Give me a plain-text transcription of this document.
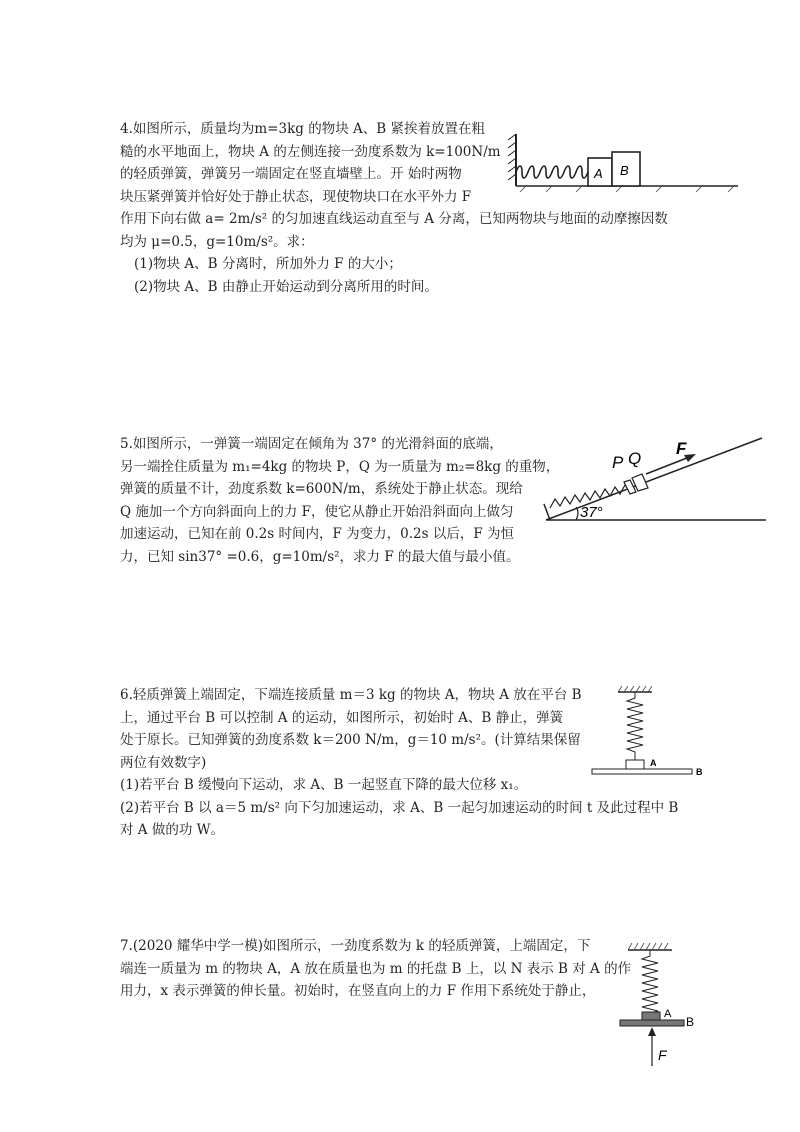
4.如图所示，质量均为m=3kg 的物块 A、B 紧挨着放置在粗
糙的水平地面上，物块 A 的左侧连接一劲度系数为 k=100N/m
的轻质弹簧，弹簧另一端固定在竖直墙壁上。开 始时两物
块压紧弹簧并恰好处于静止状态，现使物块口在水平外力 F
作用下向右做 a= 2m/s² 的匀加速直线运动直至与 A 分离，已知两物块与地面的动摩擦因数
均为 μ=0.5，g=10m/s²。求：
(1)物块 A、B 分离时，所加外力 F 的大小；
(2)物块 A、B 由静止开始运动到分离所用的时间。
A B
5.如图所示，一弹簧一端固定在倾角为 37° 的光滑斜面的底端，
另一端拴住质量为 m₁=4kg 的物块 P，Q 为一质量为 m₂=8kg 的重物，
弹簧的质量不计，劲度系数 k=600N/m，系统处于静止状态。现给
Q 施加一个方向斜面向上的力 F，使它从静止开始沿斜面向上做匀
加速运动，已知在前 0.2s 时间内，F 为变力，0.2s 以后，F 为恒
力，已知 sin37° =0.6，g=10m/s²，求力 F 的最大值与最小值。
P Q
F
37°
6.轻质弹簧上端固定，下端连接质量 m＝3 kg 的物块 A，物块 A 放在平台 B
上，通过平台 B 可以控制 A 的运动，如图所示，初始时 A、B 静止，弹簧
处于原长。已知弹簧的劲度系数 k＝200 N/m，g＝10 m/s²。(计算结果保留
两位有效数字)
(1)若平台 B 缓慢向下运动，求 A、B 一起竖直下降的最大位移 x₁。
(2)若平台 B 以 a＝5 m/s² 向下匀加速运动，求 A、B 一起匀加速运动的时间 t 及此过程中 B
对 A 做的功 W。
A
B
7.(2020 耀华中学一模)如图所示，一劲度系数为 k 的轻质弹簧，上端固定，下
端连一质量为 m 的物块 A，A 放在质量也为 m 的托盘 B 上，以 N 表示 B 对 A 的作
用力，x 表示弹簧的伸长量。初始时，在竖直向上的力 F 作用下系统处于静止，
A
B
F
